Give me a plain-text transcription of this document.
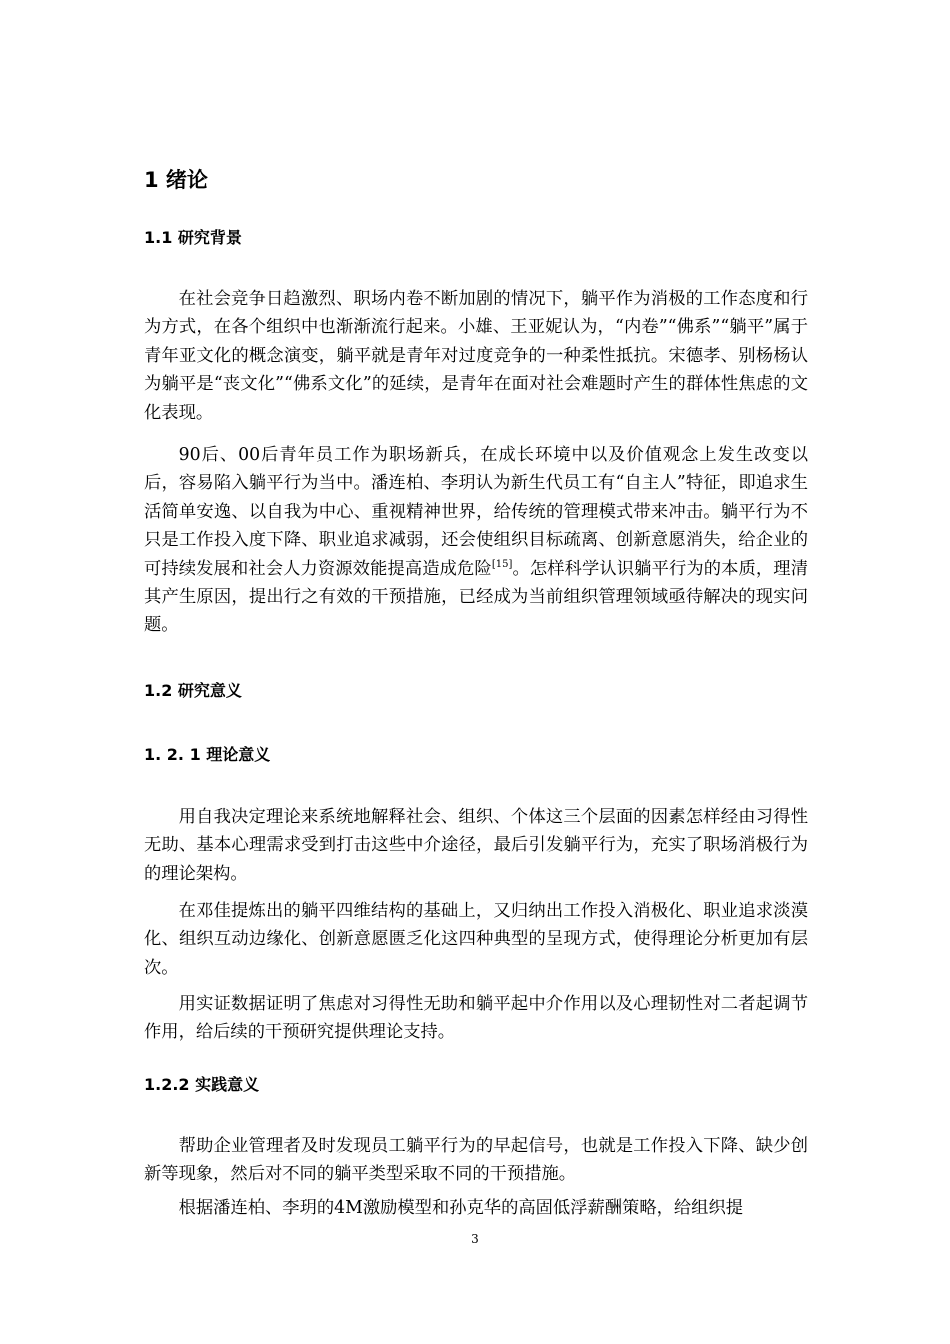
1 绪论
1.1 研究背景

在社会竞争日趋激烈、职场内卷不断加剧的情况下，躺平作为消极的工作态度和行为方式，在各个组织中也渐渐流行起来。小雄、王亚妮认为，“内卷”“佛系”“躺平”属于青年亚文化的概念演变，躺平就是青年对过度竞争的一种柔性抵抗。宋德孝、别杨杨认为躺平是“丧文化”“佛系文化”的延续，是青年在面对社会难题时产生的群体性焦虑的文化表现。

90后、00后青年员工作为职场新兵，在成长环境中以及价值观念上发生改变以后，容易陷入躺平行为当中。潘连柏、李玥认为新生代员工有“自主人”特征，即追求生活简单安逸、以自我为中心、重视精神世界，给传统的管理模式带来冲击。躺平行为不只是工作投入度下降、职业追求减弱，还会使组织目标疏离、创新意愿消失，给企业的可持续发展和社会人力资源效能提高造成危险[15]。怎样科学认识躺平行为的本质，理清其产生原因，提出行之有效的干预措施，已经成为当前组织管理领域亟待解决的现实问题。

1.2 研究意义
1. 2. 1 理论意义

用自我决定理论来系统地解释社会、组织、个体这三个层面的因素怎样经由习得性无助、基本心理需求受到打击这些中介途径，最后引发躺平行为，充实了职场消极行为的理论架构。

在邓佳提炼出的躺平四维结构的基础上，又归纳出工作投入消极化、职业追求淡漠化、组织互动边缘化、创新意愿匮乏化这四种典型的呈现方式，使得理论分析更加有层次。

用实证数据证明了焦虑对习得性无助和躺平起中介作用以及心理韧性对二者起调节作用，给后续的干预研究提供理论支持。

1.2.2 实践意义

帮助企业管理者及时发现员工躺平行为的早起信号，也就是工作投入下降、缺少创新等现象，然后对不同的躺平类型采取不同的干预措施。

根据潘连柏、李玥的4M激励模型和孙克华的高固低浮薪酬策略，给组织提

3
